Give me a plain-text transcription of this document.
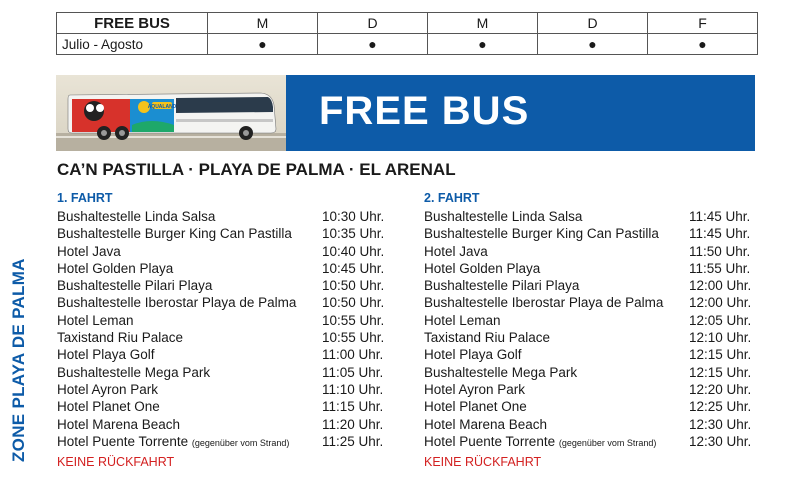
FREE BUS	M	D	M	D	F
Julio - Agosto	●	●	●	●	●
AQUALAND	FREE BUS
CA’N PASTILLA · PLAYA DE PALMA · EL ARENAL
ZONE PLAYA DE PALMA
1. FAHRT
Bushaltestelle Linda Salsa	10:30 Uhr.
Bushaltestelle Burger King Can Pastilla	10:35 Uhr.
Hotel Java	10:40 Uhr.
Hotel Golden Playa	10:45 Uhr.
Bushaltestelle Pilari Playa	10:50 Uhr.
Bushaltestelle Iberostar Playa de Palma	10:50 Uhr.
Hotel Leman	10:55 Uhr.
Taxistand Riu Palace	10:55 Uhr.
Hotel Playa Golf	11:00 Uhr.
Bushaltestelle Mega Park	11:05 Uhr.
Hotel Ayron Park	11:10 Uhr.
Hotel Planet One	11:15 Uhr.
Hotel Marena Beach	11:20 Uhr.
Hotel Puente Torrente (gegenüber vom Strand)	11:25 Uhr.
KEINE RÜCKFAHRT
2. FAHRT
Bushaltestelle Linda Salsa	11:45 Uhr.
Bushaltestelle Burger King Can Pastilla	11:45 Uhr.
Hotel Java	11:50 Uhr.
Hotel Golden Playa	11:55 Uhr.
Bushaltestelle Pilari Playa	12:00 Uhr.
Bushaltestelle Iberostar Playa de Palma	12:00 Uhr.
Hotel Leman	12:05 Uhr.
Taxistand Riu Palace	12:10 Uhr.
Hotel Playa Golf	12:15 Uhr.
Bushaltestelle Mega Park	12:15 Uhr.
Hotel Ayron Park	12:20 Uhr.
Hotel Planet One	12:25 Uhr.
Hotel Marena Beach	12:30 Uhr.
Hotel Puente Torrente (gegenüber vom Strand)	12:30 Uhr.
KEINE RÜCKFAHRT
